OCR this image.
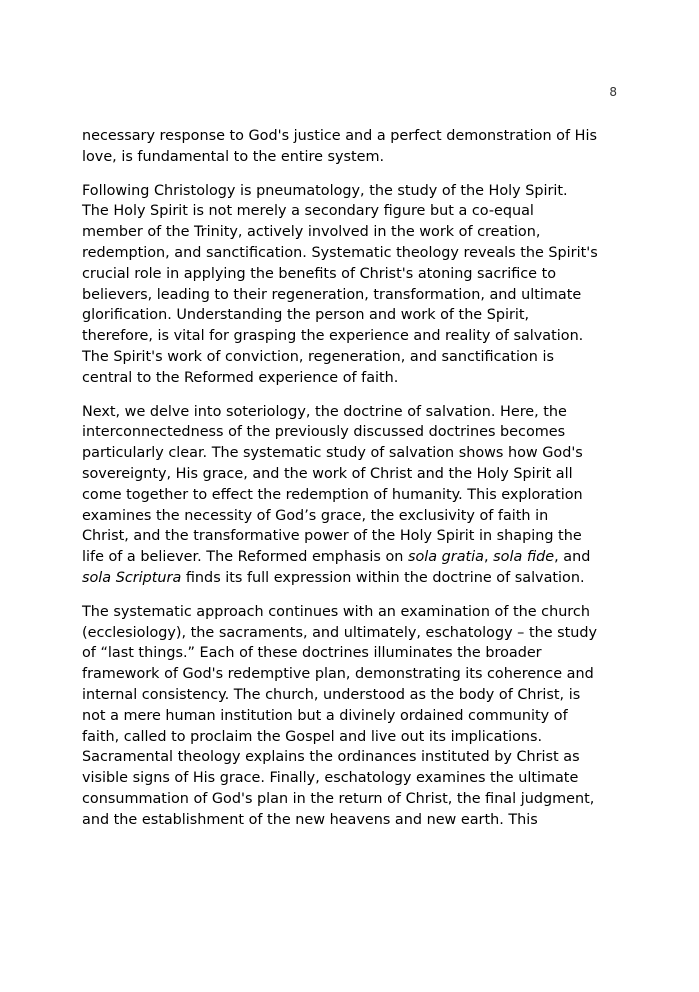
8

necessary response to God's justice and a perfect demonstration of His
love, is fundamental to the entire system.

Following Christology is pneumatology, the study of the Holy Spirit.
The Holy Spirit is not merely a secondary figure but a co-equal
member of the Trinity, actively involved in the work of creation,
redemption, and sanctification. Systematic theology reveals the Spirit's
crucial role in applying the benefits of Christ's atoning sacrifice to
believers, leading to their regeneration, transformation, and ultimate
glorification. Understanding the person and work of the Spirit,
therefore, is vital for grasping the experience and reality of salvation.
The Spirit's work of conviction, regeneration, and sanctification is
central to the Reformed experience of faith.

Next, we delve into soteriology, the doctrine of salvation. Here, the
interconnectedness of the previously discussed doctrines becomes
particularly clear. The systematic study of salvation shows how God's
sovereignty, His grace, and the work of Christ and the Holy Spirit all
come together to effect the redemption of humanity. This exploration
examines the necessity of God’s grace, the exclusivity of faith in
Christ, and the transformative power of the Holy Spirit in shaping the
life of a believer. The Reformed emphasis on sola gratia, sola fide, and
sola Scriptura finds its full expression within the doctrine of salvation.

The systematic approach continues with an examination of the church
(ecclesiology), the sacraments, and ultimately, eschatology – the study
of “last things.” Each of these doctrines illuminates the broader
framework of God's redemptive plan, demonstrating its coherence and
internal consistency. The church, understood as the body of Christ, is
not a mere human institution but a divinely ordained community of
faith, called to proclaim the Gospel and live out its implications.
Sacramental theology explains the ordinances instituted by Christ as
visible signs of His grace. Finally, eschatology examines the ultimate
consummation of God's plan in the return of Christ, the final judgment,
and the establishment of the new heavens and new earth. This
